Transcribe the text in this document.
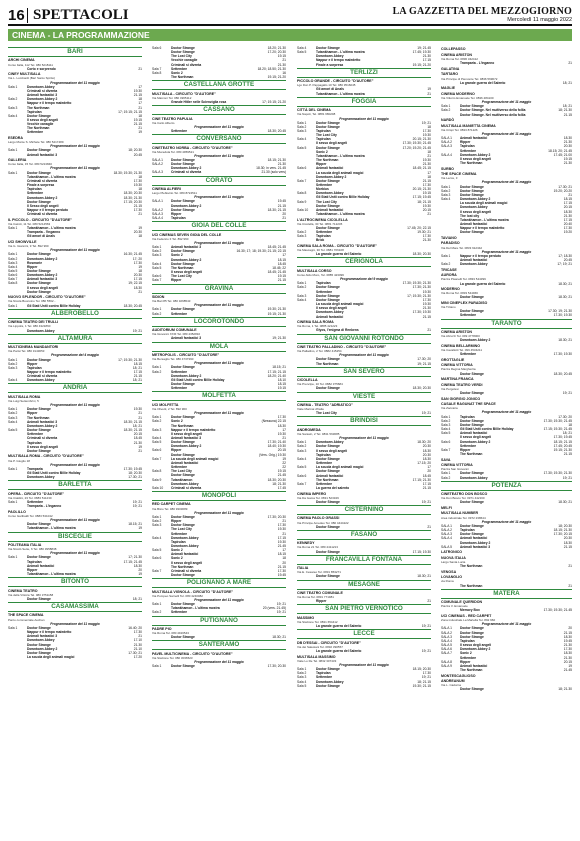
16 SPETTACOLI	LA GAZZETTA DEL MEZZOGIORNO
Mercoledì 11 maggio 2022
CINEMA - LA PROGRAMMAZIONE
BARI
ARCHI CINEMA
Corso Italia, 112 Tel. 080 5218111
Corto e sorprendo	21
CINEY MULTISALA
Via L. Lombardi (Bari Santo Spirito)
Programmazione del 11 maggio
Sala 1	Downtown Abbey	17
Criminali si diventa	19.30
Animali fantastici 3	21.15
Sala 2	Downtown Abbey 2	18
Nappur e il tempo maledetto	17
Sala 3	The Northman	21
Tapirulan	17; 19.15; 21.15
Sala 4	Doctor Strange	18
Il sesso degli angeli	19.15
Vecchie canaglie	21.15
The Northman	21
Settembre	19
ESEDRA
Largo Monte S. Michele Tel. 080 5217489
Programmazione del 11 maggio
Sala 1	Doctor Strange	18; 20.30
Animali fantastici 3	20.45
GALLERIA
Corso Italia, 15 Tel. 080 5213840
Programmazione del 11 maggio
Sala 1	Doctor Strange	18.30; 19.30; 21.30
Tutankhamon - L'ultima mostra	18
Criminali si diventa	17.30
Finale a sorpresa	19.30
Tapirulan	18
Settembre	18.30; 20.30
Downtown Abbey 2	18.30; 21.30
Doctor Strange	17.15; 20.30
Il Sesso degli angeli	21.15
Nappur e il tempo perduto	17.30
Criminali si diventa	21
IL PICCOLO - CIRCUITO "D'AUTORE"
Via Cairoli, 11 Tel. 080 5214563
Sala 1	Tutankhamon - L'ultima mostra	19
Tramparia - l'inganno	20.30
Gli amori di Anaïs	18
UCI SHOWVILLE
Via G. Giannini, 9 Tel. 892 960
Programmazione del 11 maggio
Sala 1	Doctor Strange	16.30; 21.45
Sala 2	Downtown Abbey 2	17; 20
Sala 3	Rosmarie	17.30
Sala 4	Ripper	19
Sala 5	Doctor Strange	18
Sala 6	Downtown Abbey 2	20.30
Sala 7	Animali fantastici 3	17.15
Sala 8	Doctor Strange	19; 22.15
Il sesso degli angeli	18.30
Doctor Strange	21
NUOVO SPLENDOR - CIRCUITO "D'AUTORE"
Via Nicola Buonvino Tel. 080 5562...
Sala 1	Gli Stati Uniti contro Billie Holiday	18.30; 20.45
ALBEROBELLO
CINEMA TEATRO DEI TRULLI
Via Lippolis, 1 Tel. 080 4321860
Downtown Abbey	19; 21
ALTAMURA
MULTICINEMA MANDANTORI
Via Parisi Tel. 080 3143053
Programmazione del 4 maggio
Sala 1	Doctor Strange	17; 19.30; 21.30
Sala 2	Ripper	18.15
Sala 3	Tapirulan	18; 21
Nappur e il tempo maledetto	17.15
Criminali si diventa	21.15
Sala 4	Downtown Abbey	18; 21
ANDRIA
MULTISALA ROMA
Via Luigi Settembrini, 5
Programmazione del 11 maggio
Sala 1	Doctor Strange	19.30
Sala 2	Ripper	21
Sala 3	The Northman	21
Sala 4	Animali fantastici 3	18.30; 21.15
Downtown Abbey 2	18; 21
Sala 5	Doctor Strange	18.30; 21.15
Settembre	20.15
Criminali si diventa	18.45
Tapirulan	21.30
Il sesso degli angeli	19
Doctor Strange	21
MULTISALA ROMA - CIRCUITO "D'AUTORE"
Via P. Giuglio 18
Programmazione del 11 maggio
Sala 1	Tramparia	17.30; 19.45
Gli Stati Uniti contro Billie Holiday	18; 20.30
Downtown Abbey	17.30; 21
BARLETTA
OPERA - CIRCUITO "D'AUTORE"
Via Cialdini, 23 Tel. 0883 511230
Sala 1	Settembre	19; 21
Tramparia - L'inganno	19; 21
PAOLILLO
Corso Garibaldi Tel. 0883 531042
Programmazione del 11 maggio
Doctor Strange	18.15; 21
Tutankhamon - L'ultima mostra	19
BISCEGLIE
POLITEAMA ITALIA
Via Nicolò Sette, 6 Tel. 080 3958838
Programmazione del 11 maggio
Sala 1	Doctor Strange	17; 21.30
Tapirulan	17.15; 21.45
Animali fantastici	18.30
Ripper	20
Tutankhamon - L'ultima mostra	19
BITONTO
CINEMA TEATRO
Via della Vittoria Tel. 080 3751158
Doctor Strange	18; 21
CASAMASSIMA
THE SPACE CINEMA
Parco commerciale Auchan
Programmazione del 11 maggio
Sala 1	Doctor Strange	16.40; 20
Nappur e il tempo maledetto	17.30
Animali fantastici 3	21
Downtown Abbey	17.10
Doctor Strange	21.30
Downtown Abbey 2	21.10
Doctor Strange	17.30; 21
La scuola degli animali magici	17.20
Sala 6	Doctor Strange	18.20; 21.30
Doctor Strange	17.20; 20.30
The Lost City	19.15
Vecchie canaglie	21
Criminali si diventa	21.30
Sala 7	Settembre	18.20; 18.50; 21.30
Sala 8	Sonic 2	16
The Northman	19.15; 21.20
CASTELLANA GROTTE
MULTISALA - CIRCUITO "D'AUTORE"
Via Marconi Tel. 080 4965112
Grande Hitler nelle Scienziglia rosa	17; 19.15; 21.20
CASSANO
CINE TEATRO PAPULIA
Via Carlo Alberto
Programmazione del 11 maggio
Settembre	18.30; 20.45
CONVERSANO
CINETEATRO NORBA - CIRCUITO "D'AUTORE"
Via Mucedola Tel. 080 4959521
Programmazione del 11 maggio
SALA 1	Doctor Strange	18.15; 21.30
SALA 2	Doctor Strange	21.30
Downtown Abbey 2	18.30; in vers. 21.45
SALA 3	Criminali si diventa	21.30 (solo vers)
CORATO
CINEMA ALFIERI
Largo Plebiscito Tel. 080 8724511
Programmazione del 11 maggio
SALA 1	Doctor Strange	19.45
Downtown Abbey 2	21.15
SALA 2	Doctor Strange	18.30; 21.15
SALA 3	Ripper	20
SALA 4	Tapirulan	21
GIOIA DEL COLLE
UCI CINEMAS SEVEN GIOIA DEL COLLE
Via Federico II Tel. 892 960
Programmazione del 11 maggio
Sala 1	Animali fantastici 3	18.45; 21.45
Sala 2	Doctor Strange	16.30; 17; 18; 19.30; 21.15; 22.15
Sala 3	Sonic 2	17
Downtown Abbey 2	18.15
Sala 4	Doctor Strange	18.45
Sala 5	The Northman	18.45; 22
Il sesso degli angeli	18.45; 21.45
Sala 6	The Lost City	19.15
Sala 7	Ripper	21.15
GRAVINA
SIDION
Via Bari 85 Tel. 080 3268543
Programmazione del 11 maggio
Sala 1	Doctor Strange	19.30; 21.30
Sala 2	Settembre	19.15; 21.30
LOCOROTONDO
AUDITORIUM COMUNALE
Via Giovanni XXIII Tel. 080 4352810
Animali fantastici 3	19; 21.30
MOLA
METROPOLIS - CIRCUITO "D'AUTORE"
Via Bersaglio Tel. 080 4737390
Programmazione del 11 maggio
Sala 1	Doctor Strange	18.15; 21
Sala 2	Settembre	17.15; 21.15
Downtown Abbey 2	18.20; 21.40
Gli Stati Uniti contro Billie Holiday	18.10
Doctor Strange	18.15
Settembre	19.15
MOLFETTA
UCI MOLFETTA
Via Olivetti, 2 Tel. 892 960
Programmazione del 11 maggio
Sala 1	Doctor Strange	17.30
Sala 2	Sonic 2	(Nessuna) 22.15
The Northman	18.30
Sala 3	Nappur e il tempo maledetto	17
Il sesso degli angeli	19.30
Sala 4	Animali fantastici 3	21
Sala 5	Doctor Strange	17.30; 21.40
Downtown Abbey 2	18.40; 19.30
Sala 6	Ripper	20.15
Doctor Strange	(Vers. Orig.) 19.30
Sala 7	La scuola degli animali magici	19
Animali fantastici	22
Settembre	22
Sala 8	The Lost City	19.15
Doctor Strange	21.45
Sala 9	Tutankhamon	18.30; 20.30
Downtown Abbey	18; 21.30
Sala 10	Criminali si diventa	17.45
MONOPOLI
RED CARPET CINEMA
Via Bixio Tel. 080 9303089
Programmazione del 11 maggio
Sala 1	Doctor Strange	17.30; 20.30
Sala 2	Ripper	21
Sala 3	Doctor Strange	17.30
The Lost City	19.30
Settembre	21
Sala 4	Downtown Abbey	17.15
Tapirulan	19.30
Downtown Abbey	21.45
Sala 5	Sonic 2	17
Animali fantastici	18.15
Sala 6	Sonic 2	18
Il sesso degli angeli	20
The Northman	21.15
Sala 7	Criminali si diventa	17.30
Doctor Strange	19.45
POLIGNANO A MARE
MULTISALA VIGNOLA - CIRCUITO "D'AUTORE"
Via Pompeo Sarnelli Tel. 080 4240082
Programmazione del 11 maggio
Sala 1	Doctor Strange	19; 21
Tutankhamon - L'ultima mostra	20 (vers. 21.45)
Sala 2	Settembre	19; 21
PUTIGNANO
PADRE PIO
Via Roma Tel. 080 4916543
Doctor Strange	18.30; 21
SANTERAMO
PAVEL MULTICINEMA - CIRCUITO "D'AUTORE"
Via Stazione Tel. 080 3036523
Programmazione del 11 maggio
Sala 1	Doctor Strange	17.30; 20.30
Sala 4	Doctor Strange	19; 21.45
Sala 5	Tutankhamon - L'ultima mostra	17.45; 19.30
Downtown Abbey	21.30
Nappur e il tempo maledetto	17.15
Finale a sorpresa	19.15; 21.20
TERLIZZI
PICCOLO GRANDE - CIRCUITO "D'AUTORE"
Lgo Don P. Pappagallo 10 Tel. 080 3516045
Gli amori di Anaïs	19
Tutankhamon - L'ultima mostra	21
FOGGIA
CITTÀ DEL CINEMA
Via Napoli, Tel. 0881 680208
Programmazione del 11 maggio
Sala 1	Doctor Strange	19; 21
Sala 2	Doctor Strange	18
Sala 3	Tapirulan	17.30
The Lost City	19.30
Sala 4	Tapirulan	20.15; 21.30
Il sesso degli angeli	17.30; 19.30; 21.45
Sala 5	Doctor Strange	17.20; 19.20; 21.45
Sonic 2	18
Tutankhamon - L'ultima mostra	21
The Northman	19.30
Ripper	21.30
Sala 6	Animali fantastici	18.45; 21.15
La scuola degli animali magici	17
Downtown Abbey 2	18
Sala 7	Doctor Strange	21.15
Settembre	17.30
Morbius	20.15; 21.30
Sala 8	Downtown Abbey	19.15
Gli Stati Uniti contro Billie Holiday	17.15; 19.45
Sala 9	The Lost City	18; 21.15
Doctor Strange	19.30
Sala 10	Animali fantastici	20.15
Tutankhamon - L'ultima mostra	21
L'ALTROCINEMA CICOLELLA
Via Cicolella, 30 Tel. 0881 712245
Doctor Strange	17.45; 20; 22.15
Sala 2	Settembre	19.30; 21
Sala 3	Tapirulan	17.30
Brick	21.30
CINEMA SALA ROMA - CIRCUITO "D'AUTORE"
Via Mascagni, 30 Tel. 0881 706108
La grande guerra del Salento	18.30; 20.30
CERIGNOLA
MULTISALA CORSO
Corso Aldo Moro, Tel. 0885 423096
Programmazione del 9 maggio
Sala 1	Tapirulan	17.30; 19.30; 21.30
Sala 2	Doctor Strange	17.30; 21.30
Settembre	19.30
Sala 3	Doctor Strange	17; 19.30; 21.30
Sala 4	Doctor Strange	17.30
La scuola degli animali magici	19.30
Il sesso degli angeli	21.30
Downtown Abbey	17.30; 19.30
Animali fantastici	21.15
CINEMA SALA ROMA
Via Roma, 1 Tel. 0885 421223
Glyos, l'enigma di Renkens	21
SAN GIOVANNI ROTONDO
CINE TEATRO PALLADINO - CIRCUITO "D'AUTORE"
Via Palladino, 2 Tel. 0882 415254
Programmazione del 11 maggio
Doctor Strange	17.30; 20
The Northman	19; 21.15
SAN SEVERO
CICOLELLA
Via Prencipe, 10 Tel. 0882 375684
Doctor Strange	18.30; 20.30
VIESTE
CINEMA - TEATRO "ADRIATICO"
Viale Marinai d'Italia
The Lost City	19; 21
BRINDISI
ANDROMEDA
Via Sarasin, 2 Tel. 0831 563685
Programmazione del 11 maggio
Sala 1	Downtown Abbey	18.30; 20
Sala 2	Doctor Strange	20.30
Sala 3	Il sesso degli angeli	18.30
Tapirulan	20.30
Sala 4	Doctor Strange	18.30
Settembre	17.15; 20
Sala 5	La scuola degli animali magici	17
Doctor Strange	20
Sala 6	Animali fantastici	18.45
The Northman	17.15; 21.30
Sala 7	Settembre	17.15
La guerra del salento	21.15
CINEMA IMPERO
Via Da Gama Tel. 0831 523349
Doctor Strange	19; 21
CISTERNINO
CINEMA PAOLO GRASSI
Via Principe Amedeo Tel. 080 4444222
Doctor Strange	21
FASANO
KENNEDY
Via Roma 21 Tel. 080 4411213
Doctor Strange	17.15; 19.30
FRANCAVILLA FONTANA
ITALIA
Via E. Cesareo Tel. 0831 853271
Doctor Strange	18.30; 21
MESAGNE
CINE TEATRO COMUNALE
Via Roma Tel. 0831 771981
Ripper	21
SAN PIETRO VERNOTICO
MASSIMO
Via Stazione Tel. 0831 654412
La grande guerra del Salento	19; 21
LECCE
DB D'ESSAI - CIRCUITO "D'AUTORE"
Via dei Salesiani Tel. 0832 390557
La grande guerra del Salento	19; 21
MULTISALA MASSIMO
Viale Lo Re Tel. 0832 307433
Programmazione del 11 maggio
Sala 1	Doctor Strange	18.15; 20.30
Sala 2	Tapirulan	17.30
Sala 3	Settembre	19; 21
Sala 4	Downtown Abbey	18; 21.15
Sala 5	Doctor Strange	19.30; 21.15
COLLEPASSO
CINEMA ARISTON
Via Roma Tel. 0836 342412
Tramparia - L'inganno	21
GALATINA
TARTARO
Via Principe di Piemonte Tel. 0836 569672
La grande guerra del Salento	18; 21
MAGLIE
CINEMA MODERNO
Via Vittorio Emanuele Tel. 0836 484100
Programmazione del 11 maggio
Sala 1	Doctor Strange	18; 21
Sala 2	Doctor Strange. Nel multiverso della follia	18; 21.30
Doctor Strange. Nel multiverso della follia	21.15
NARDÒ
MULTISALA MANIETTA CINEMA
Via Crispi Tel. 0833 871226
Programmazione del 11 maggio
SALA 1	Animali fantastici	18.30
SALA 2	Ripper	21.30
SALA 3	Tapirulan	20.30
Settembre	18.15; 20; 21.45
SALA 4	Downtown Abbey 2	17.45; 21.00
Il sesso degli angeli	19.15
The Northman	21.30
SURBO
THE SPACE CINEMA
Via Lecce, 3
Programmazione del 11 maggio
Sala 1	Doctor Strange	17.30; 21
Sala 2	Doctor Strange	19.20; 20.20
Sala 3	Doctor Strange	21
Sala 4	Downtown Abbey 2	18.15
La scuola degli animali magici	17.15
Downtown Abbey	20.15
Il sesso degli angeli	18.30
The lost city	21.30
Tutankhamon - L'ultima mostra	17.15
Animali fantastici	20.40
Nappur e il tempo maledetto	17.30
Doctor Strange	19.20
TAVIANO
PARADISO
Via Del Mare Tel. 0833 912342
Programmazione del 11 maggio
Sala 1	Nappur e il tempo perduto	17; 18.30
Animali fantastici	20.45
Sala 2	Downtown Abbey	17; 19; 21
TRICASE
AURORA
Piazza Pisanelli Tel. 0833 544399
La grande guerra del Salento	18.30; 21
MODERNO
Via Roma Tel. 0833 544966
Doctor Strange	18.30; 21
MINI CINEPLEX PARADISO
Via Tiziano
Doctor Strange	17.30; 19; 21.30
Settembre	17.30; 19.30
TARANTO
CINEMA ARISTON
Via Abruzzi Tel. 099 4778000
Downtown Abbey 2	18.30; 21
CINEMA BELLARMINO
Via Cavallotti Tel. 099 4534211
Settembre	17.30; 19.30
GROTTAGLIE
CINEMA VITTORIA
Piazza Regina Margherita
Doctor Strange	18.30; 20.45
MARTINA FRANCA
CINEMA TEATRO VERDI
Via Pergolesi
Doctor Strange	19; 21
SAN GIORGIO JONICO
CASALE RAGUNAT THE SPACE
Via Zaccaria
Programmazione del 11 maggio
Sala 1	Tapirulan	17.30; 20
Sala 2	Doctor Strange	17.30; 19.30; 21.45
Sala 3	Doctor Strange	18
Sala 4	Gli Stati Uniti contro Billie Holiday	17.15; 19.30; 21.45
Sala 5	Animali fantastici	18; 21
Il sesso degli angeli	17.30; 19.45
Sala 6	Downtown Abbey 2	18.15; 21.15
Settembre	17.45; 20.45
Sala 7	Ripper	19.15; 21.30
The Northman	21.15
SAVA
CINEMA VITTORIA
Piazza San Giovanni
Sala 1	Doctor Strange	17.30; 19.30; 21.30
Sala 2	Downtown Abbey	19; 21
POTENZA
CINETEATRO DON BOSCO
Via Don Bosco Tel. 0971 442160
Doctor Strange	18.30; 21
MELFI
MULTISALA NUMBER
Area industriale Tel. 0972 238644
Programmazione del 11 maggio
SALA 1	Doctor Strange	18; 20.30
SALA 2	Tapirulan	18.15; 21.30
SALA 3	Doctor Strange	17.30; 20.15
SALA 4	Animali fantastici	20.30
Downtown Abbey 2	18.30
SALA 5	Animali fantastici 3	21.15
LATRONICO
NUOVA ITALIA
Largo Santa Lucia
The Northman	21
VENOSA
LOVANGLIO
via Roma
The Northman	21
MATERA
COMUNALE QUERIDON
Piazza V. Emanuele
Memory Box	17.30; 19.30; 21.45
UCI CINEMAS - RED CARPET
Zona industriale La Martella Tel. 892 960
Programmazione del 11 maggio
SALA 1	Doctor Strange	20
SALA 2	Doctor Strange	21.15
SALA 3	Doctor Strange	18.30
SALA 4	Tapirulan	19.45
SALA 5	Il sesso degli angeli	21.30
SALA 6	Downtown Abbey 2	17.30
SALA 7	Sonic 2	18.30
Settembre	21.30
SALA 8	Ripper	20.15
SALA 9	Animali fantastici	19
The Northman	21.45
MONTESCAGLIOSO
ANDREANUM
Via L. Cadorna
Doctor Strange	18; 21.30
